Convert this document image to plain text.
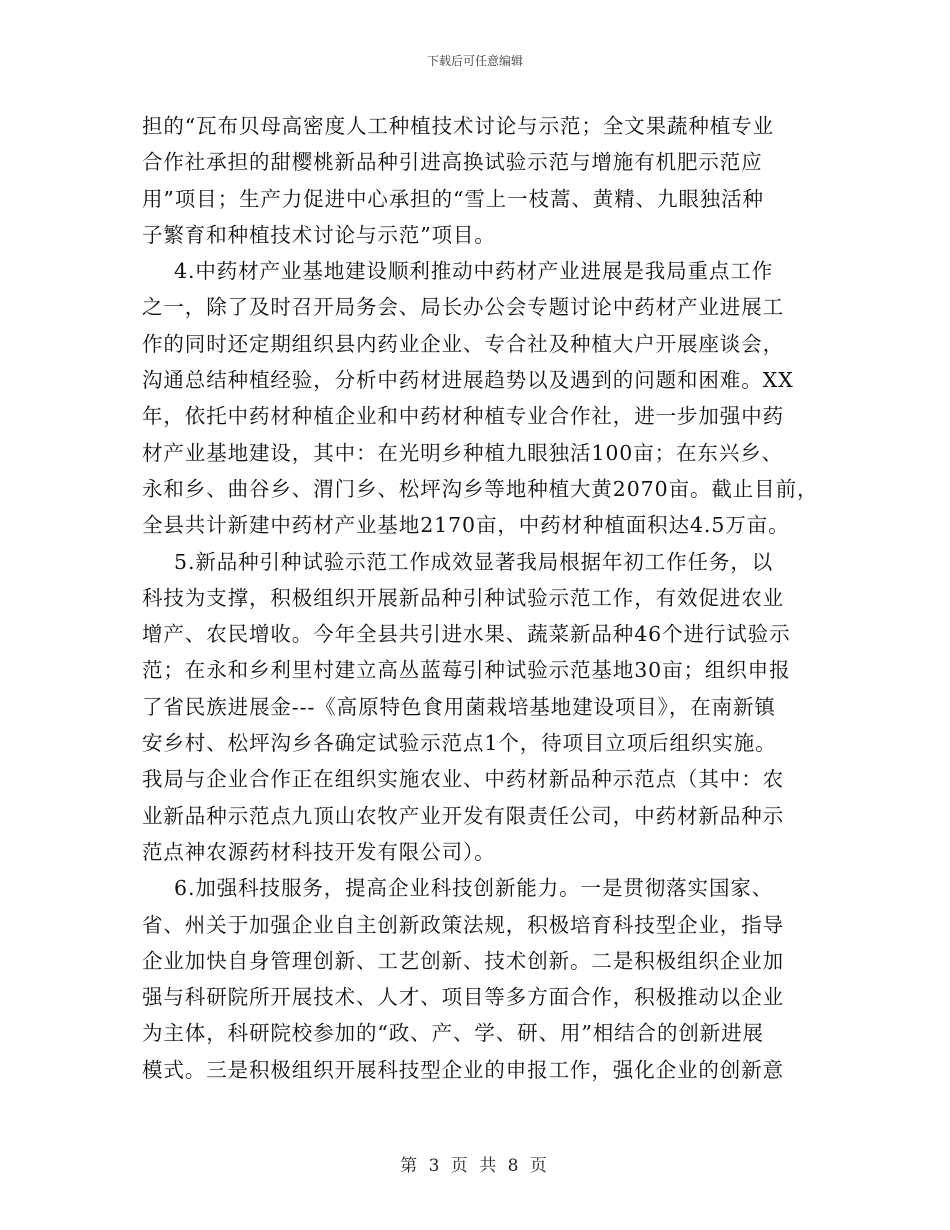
下载后可任意编辑
担的“瓦布贝母高密度人工种植技术讨论与示范；全文果蔬种植专业
合作社承担的甜樱桃新品种引进高换试验示范与增施有机肥示范应
用”项目；生产力促进中心承担的“雪上一枝蒿、黄精、九眼独活种
子繁育和种植技术讨论与示范”项目。
4.中药材产业基地建设顺利推动中药材产业进展是我局重点工作
之一，除了及时召开局务会、局长办公会专题讨论中药材产业进展工
作的同时还定期组织县内药业企业、专合社及种植大户开展座谈会，
沟通总结种植经验，分析中药材进展趋势以及遇到的问题和困难。XX
年，依托中药材种植企业和中药材种植专业合作社，进一步加强中药
材产业基地建设，其中：在光明乡种植九眼独活100亩；在东兴乡、
永和乡、曲谷乡、渭门乡、松坪沟乡等地种植大黄2070亩。截止目前，
全县共计新建中药材产业基地2170亩，中药材种植面积达4.5万亩。
5.新品种引种试验示范工作成效显著我局根据年初工作任务，以
科技为支撑，积极组织开展新品种引种试验示范工作，有效促进农业
增产、农民增收。今年全县共引进水果、蔬菜新品种46个进行试验示
范；在永和乡利里村建立高丛蓝莓引种试验示范基地30亩；组织申报
了省民族进展金---《高原特色食用菌栽培基地建设项目》，在南新镇
安乡村、松坪沟乡各确定试验示范点1个，待项目立项后组织实施。
我局与企业合作正在组织实施农业、中药材新品种示范点（其中：农
业新品种示范点九顶山农牧产业开发有限责任公司，中药材新品种示
范点神农源药材科技开发有限公司）。
6.加强科技服务，提高企业科技创新能力。一是贯彻落实国家、
省、州关于加强企业自主创新政策法规，积极培育科技型企业，指导
企业加快自身管理创新、工艺创新、技术创新。二是积极组织企业加
强与科研院所开展技术、人才、项目等多方面合作，积极推动以企业
为主体，科研院校参加的“政、产、学、研、用”相结合的创新进展
模式。三是积极组织开展科技型企业的申报工作，强化企业的创新意
第 3 页 共 8 页
